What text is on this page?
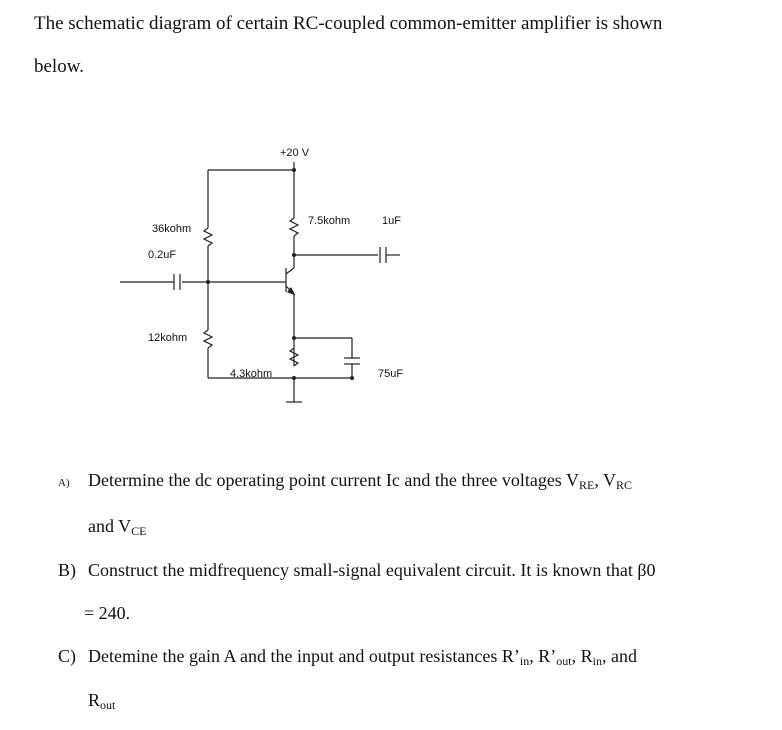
The schematic diagram of certain RC-coupled common-emitter amplifier is shown
below.
+20 V
36kohm
0.2uF
12kohm
7.5kohm	1uF
4.3kohm	75uF
A) Determine the dc operating point current Ic and the three voltages $V_{RE}$, $V_{RC}$
and $V_{CE}$
B) Construct the midfrequency small-signal equivalent circuit. It is known that β0
= 240.
C) Detemine the gain A and the input and output resistances $R’_{in}$, $R’_{out}$, $R_{in}$, and
$R_{out}$
